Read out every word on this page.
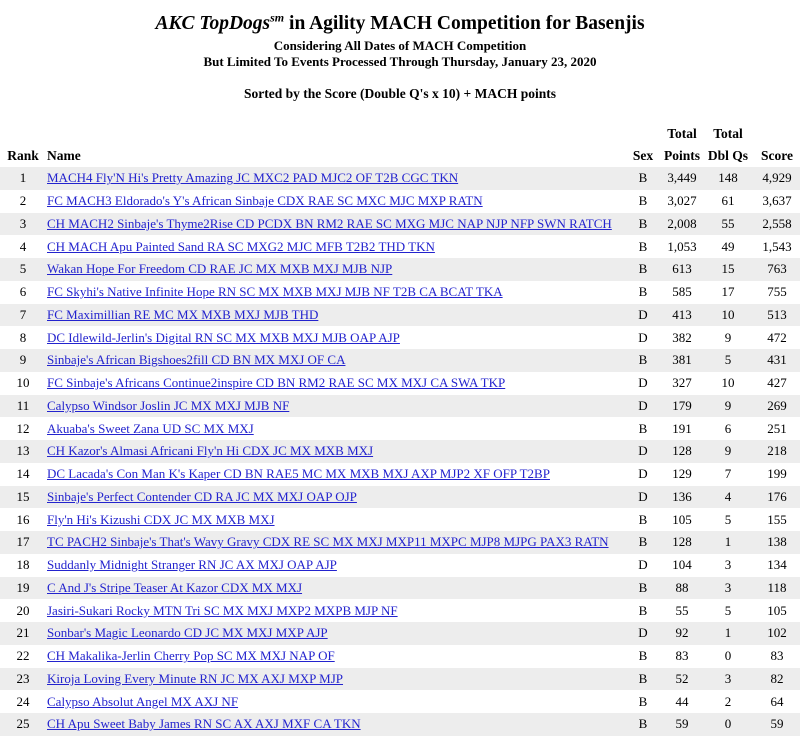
AKC TopDogs$^{sm}$ in Agility MACH Competition for Basenjis
Considering All Dates of MACH Competition
But Limited To Events Processed Through Thursday, January 23, 2020
Sorted by the Score (Double Q's x 10) + MACH points
			Total	Total	
Rank	Name	Sex	Points	Dbl Qs	Score
1	MACH4 Fly'N Hi's Pretty Amazing JC MXC2 PAD MJC2 OF T2B CGC TKN	B	3,449	148	4,929
2	FC MACH3 Eldorado's Y's African Sinbaje CDX RAE SC MXC MJC MXP RATN	B	3,027	61	3,637
3	CH MACH2 Sinbaje's Thyme2Rise CD PCDX BN RM2 RAE SC MXG MJC NAP NJP NFP SWN RATCH	B	2,008	55	2,558
4	CH MACH Apu Painted Sand RA SC MXG2 MJC MFB T2B2 THD TKN	B	1,053	49	1,543
5	Wakan Hope For Freedom CD RAE JC MX MXB MXJ MJB NJP	B	613	15	763
6	FC Skyhi's Native Infinite Hope RN SC MX MXB MXJ MJB NF T2B CA BCAT TKA	B	585	17	755
7	FC Maximillian RE MC MX MXB MXJ MJB THD	D	413	10	513
8	DC Idlewild-Jerlin's Digital RN SC MX MXB MXJ MJB OAP AJP	D	382	9	472
9	Sinbaje's African Bigshoes2fill CD BN MX MXJ OF CA	B	381	5	431
10	FC Sinbaje's Africans Continue2inspire CD BN RM2 RAE SC MX MXJ CA SWA TKP	D	327	10	427
11	Calypso Windsor Joslin JC MX MXJ MJB NF	D	179	9	269
12	Akuaba's Sweet Zana UD SC MX MXJ	B	191	6	251
13	CH Kazor's Almasi Africani Fly'n Hi CDX JC MX MXB MXJ	D	128	9	218
14	DC Lacada's Con Man K's Kaper CD BN RAE5 MC MX MXB MXJ AXP MJP2 XF OFP T2BP	D	129	7	199
15	Sinbaje's Perfect Contender CD RA JC MX MXJ OAP OJP	D	136	4	176
16	Fly'n Hi's Kizushi CDX JC MX MXB MXJ	B	105	5	155
17	TC PACH2 Sinbaje's That's Wavy Gravy CDX RE SC MX MXJ MXP11 MXPC MJP8 MJPG PAX3 RATN	B	128	1	138
18	Suddanly Midnight Stranger RN JC AX MXJ OAP AJP	D	104	3	134
19	C And J's Stripe Teaser At Kazor CDX MX MXJ	B	88	3	118
20	Jasiri-Sukari Rocky MTN Tri SC MX MXJ MXP2 MXPB MJP NF	B	55	5	105
21	Sonbar's Magic Leonardo CD JC MX MXJ MXP AJP	D	92	1	102
22	CH Makalika-Jerlin Cherry Pop SC MX MXJ NAP OF	B	83	0	83
23	Kiroja Loving Every Minute RN JC MX AXJ MXP MJP	B	52	3	82
24	Calypso Absolut Angel MX AXJ NF	B	44	2	64
25	CH Apu Sweet Baby James RN SC AX AXJ MXF CA TKN	B	59	0	59
